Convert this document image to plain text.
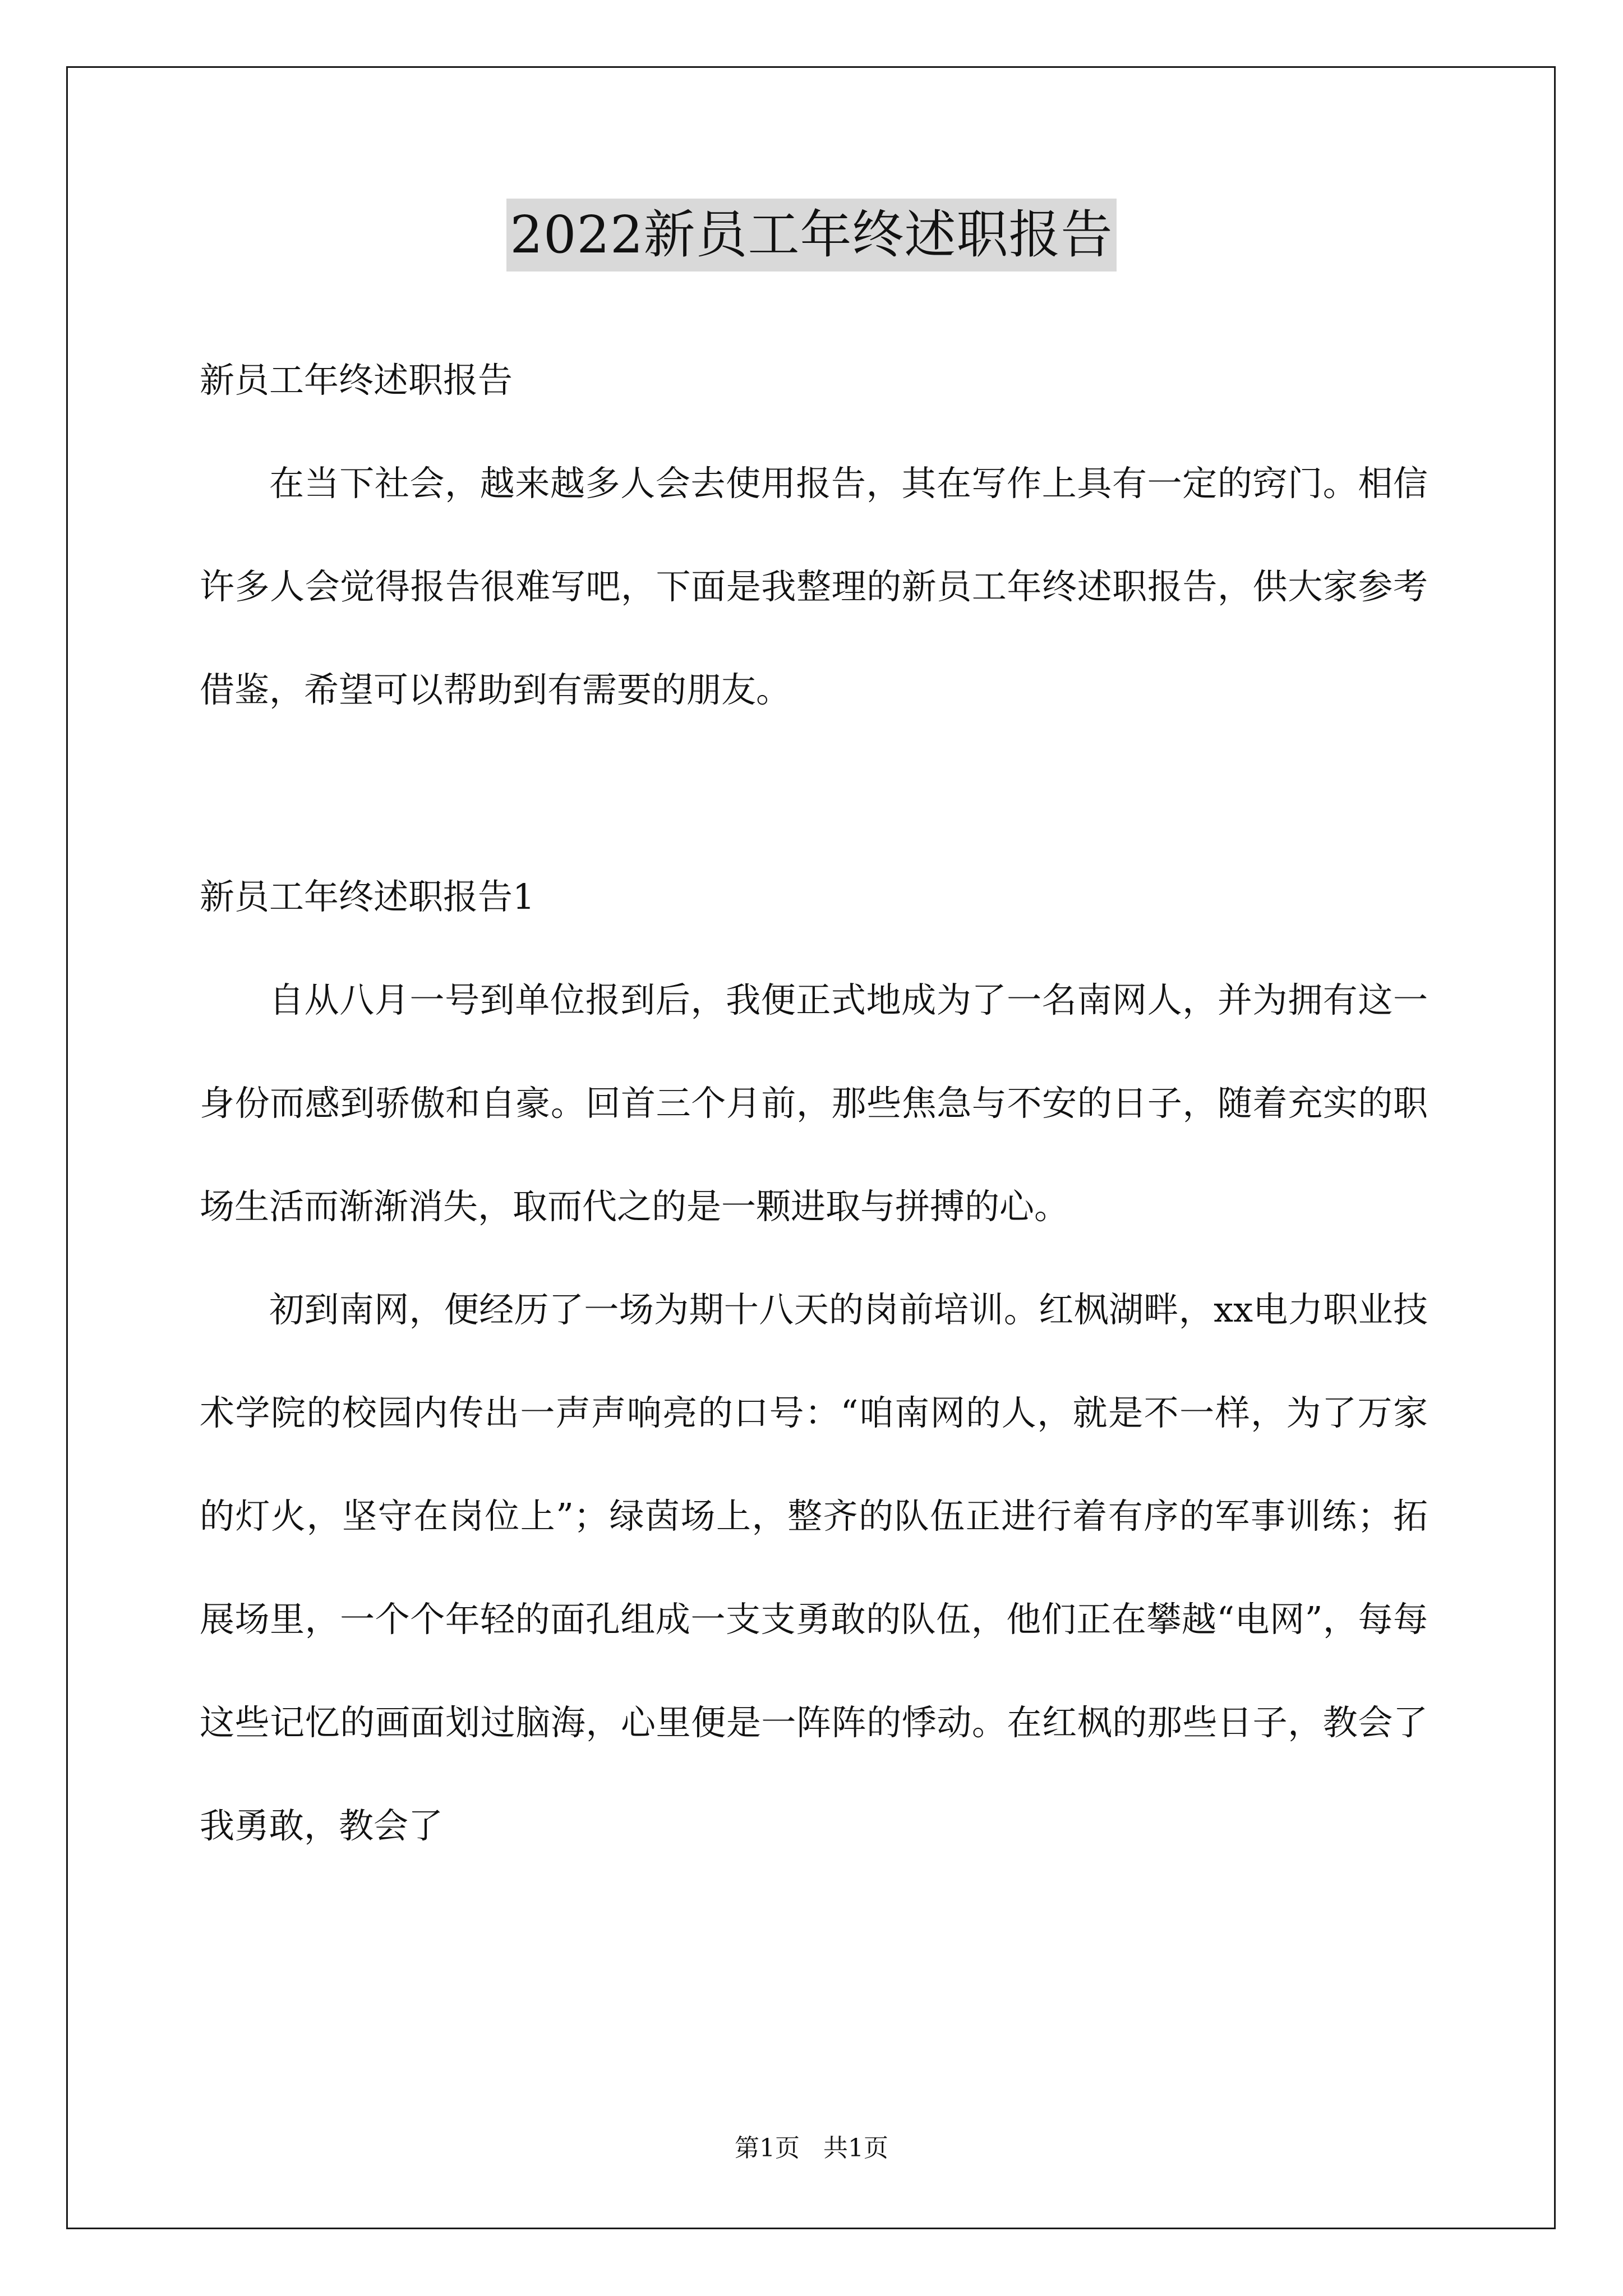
2022新员工年终述职报告
新员工年终述职报告

在当下社会，越来越多人会去使用报告，其在写作上具有一定的窍门。相信许多人会觉得报告很难写吧，下面是我整理的新员工年终述职报告，供大家参考借鉴，希望可以帮助到有需要的朋友。

新员工年终述职报告1

自从八月一号到单位报到后，我便正式地成为了一名南网人，并为拥有这一身份而感到骄傲和自豪。回首三个月前，那些焦急与不安的日子，随着充实的职场生活而渐渐消失，取而代之的是一颗进取与拼搏的心。

初到南网，便经历了一场为期十八天的岗前培训。红枫湖畔，xx电力职业技术学院的校园内传出一声声响亮的口号：“咱南网的人，就是不一样，为了万家的灯火，坚守在岗位上”；绿茵场上，整齐的队伍正进行着有序的军事训练；拓展场里，一个个年轻的面孔组成一支支勇敢的队伍，他们正在攀越“电网”，每每这些记忆的画面划过脑海，心里便是一阵阵的悸动。在红枫的那些日子，教会了我勇敢，教会了

第1页 共1页
